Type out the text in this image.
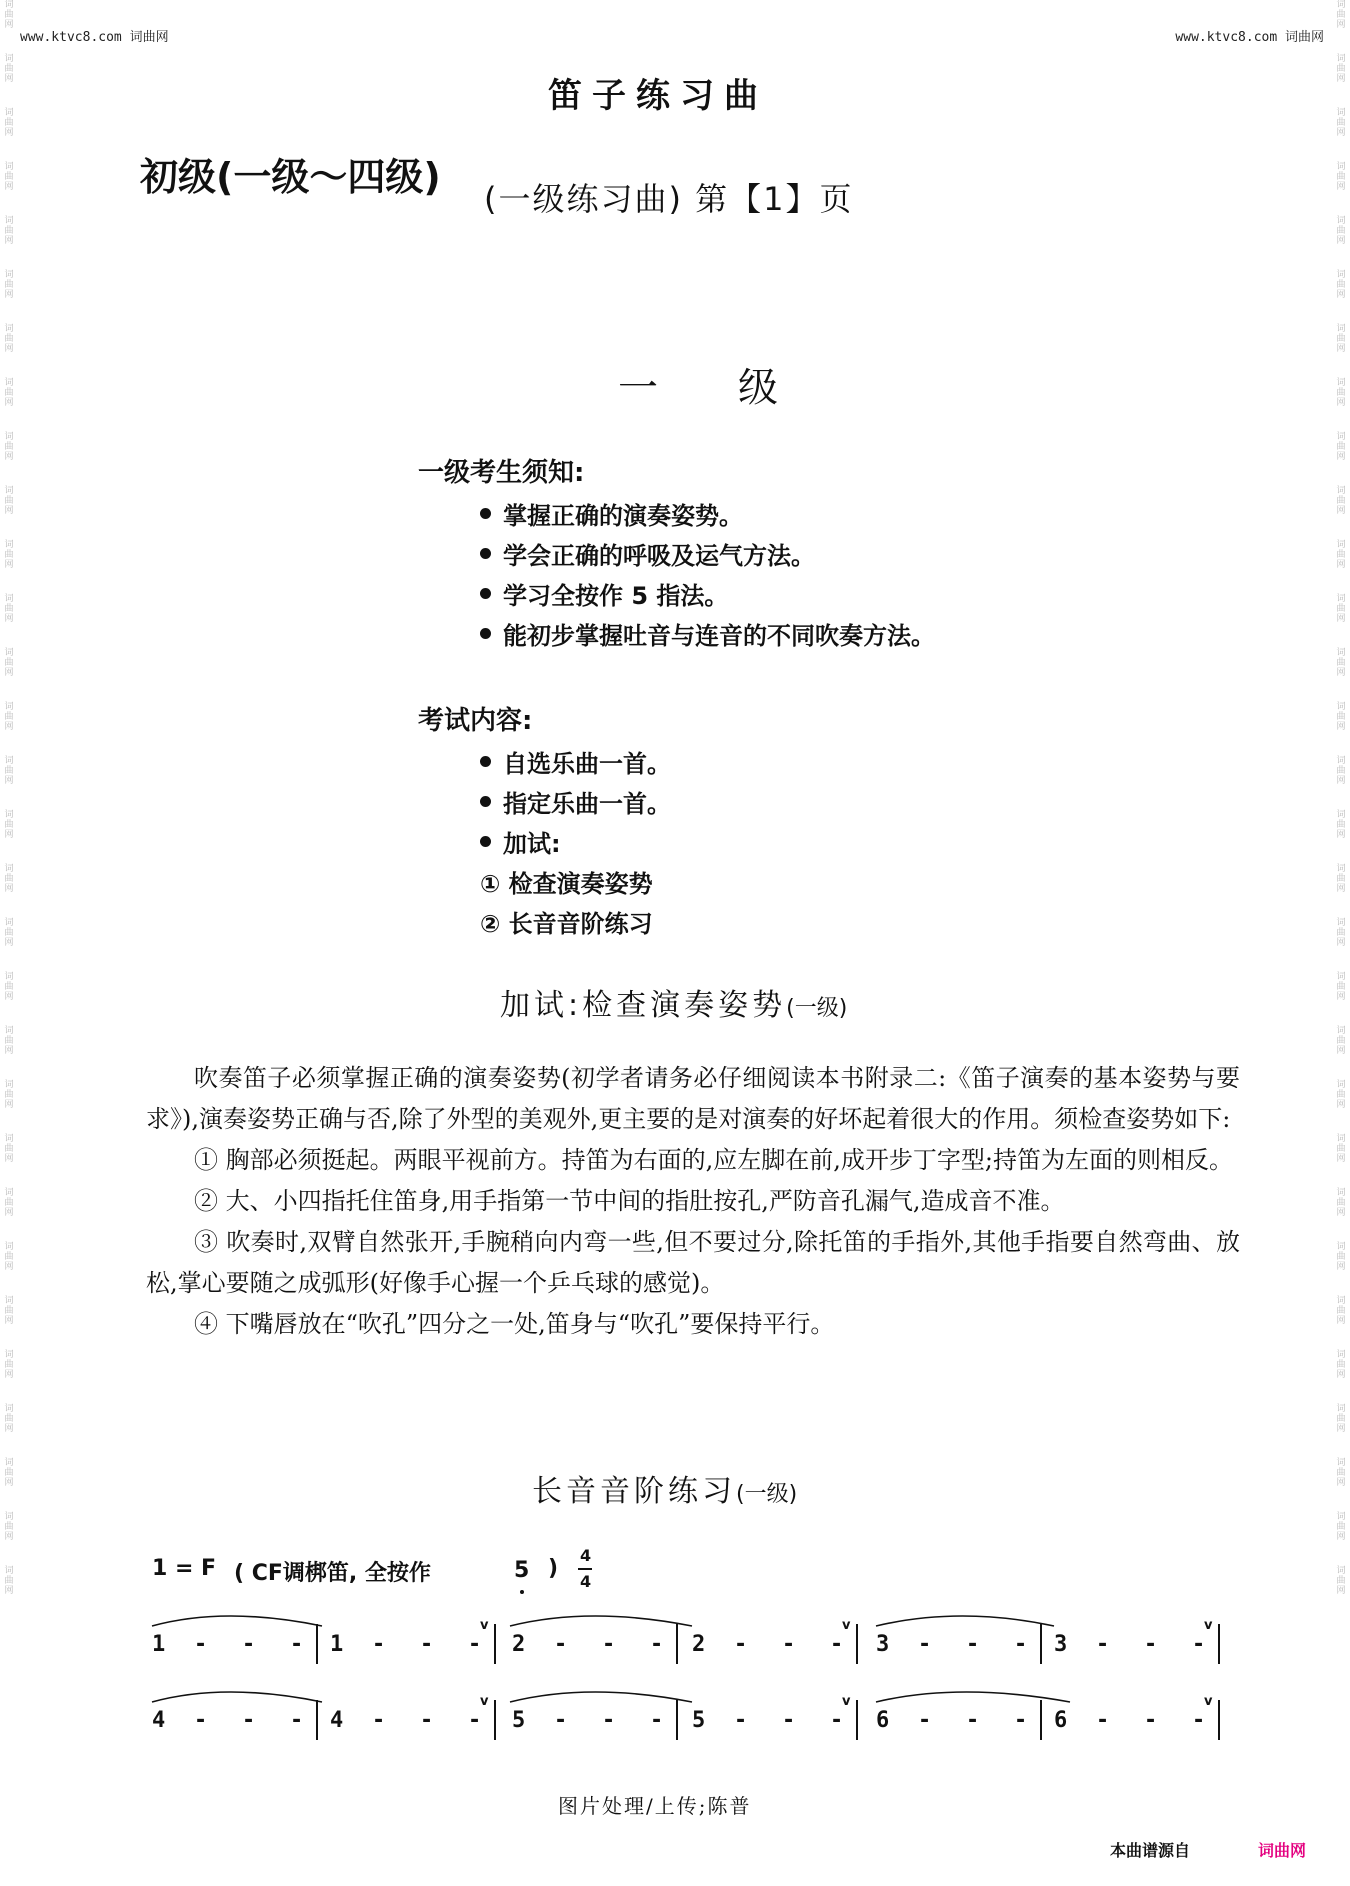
词曲网
词曲网
词曲网
词曲网
词曲网
词曲网
词曲网
词曲网
词曲网
词曲网
词曲网
词曲网
词曲网
词曲网
词曲网
词曲网
词曲网
词曲网
词曲网
词曲网
词曲网
词曲网
词曲网
词曲网
词曲网
词曲网
词曲网
词曲网
词曲网
词曲网
词曲网
词曲网
词曲网
词曲网
词曲网
词曲网
词曲网
词曲网
词曲网
词曲网
词曲网
词曲网
词曲网
词曲网
词曲网
词曲网
词曲网
词曲网
词曲网
词曲网
词曲网
词曲网
词曲网
词曲网
词曲网
词曲网
词曲网
词曲网
词曲网
词曲网
www.ktvc8.com 词曲网	www.ktvc8.com 词曲网
笛子练习曲
初级(一级～四级) (一级练习曲) 第【1】页
一级
一级考生须知:
掌握正确的演奏姿势。
学会正确的呼吸及运气方法。
学习全按作 5 指法。
能初步掌握吐音与连音的不同吹奏方法。
考试内容:
自选乐曲一首。
指定乐曲一首。
加试:
① 检查演奏姿势
② 长音音阶练习
加试:检查演奏姿势(一级)

吹奏笛子必须掌握正确的演奏姿势(初学者请务必仔细阅读本书附录二:《笛子演奏的基本姿势与要求》),演奏姿势正确与否,除了外型的美观外,更主要的是对演奏的好坏起着很大的作用。须检查姿势如下:

① 胸部必须挺起。两眼平视前方。持笛为右面的,应左脚在前,成开步丁字型;持笛为左面的则相反。

② 大、小四指托住笛身,用手指第一节中间的指肚按孔,严防音孔漏气,造成音不准。

③ 吹奏时,双臂自然张开,手腕稍向内弯一些,但不要过分,除托笛的手指外,其他手指要自然弯曲、放松,掌心要随之成弧形(好像手心握一个乒乓球的感觉)。

④ 下嘴唇放在“吹孔”四分之一处,笛身与“吹孔”要保持平行。

长音音阶练习(一级)
1 = F ( CF调梆笛, 全按作	5 )
4
4
1 - - - 1 - - -
v
2 - - - 2 - - -
v
3 - - - 3 - - -
v
4 - - - 4 - - -
v
5 - - - 5 - - -
v
6 - - - 6 - - -
v
图片处理/上传;陈普
本曲谱源自	词曲网
